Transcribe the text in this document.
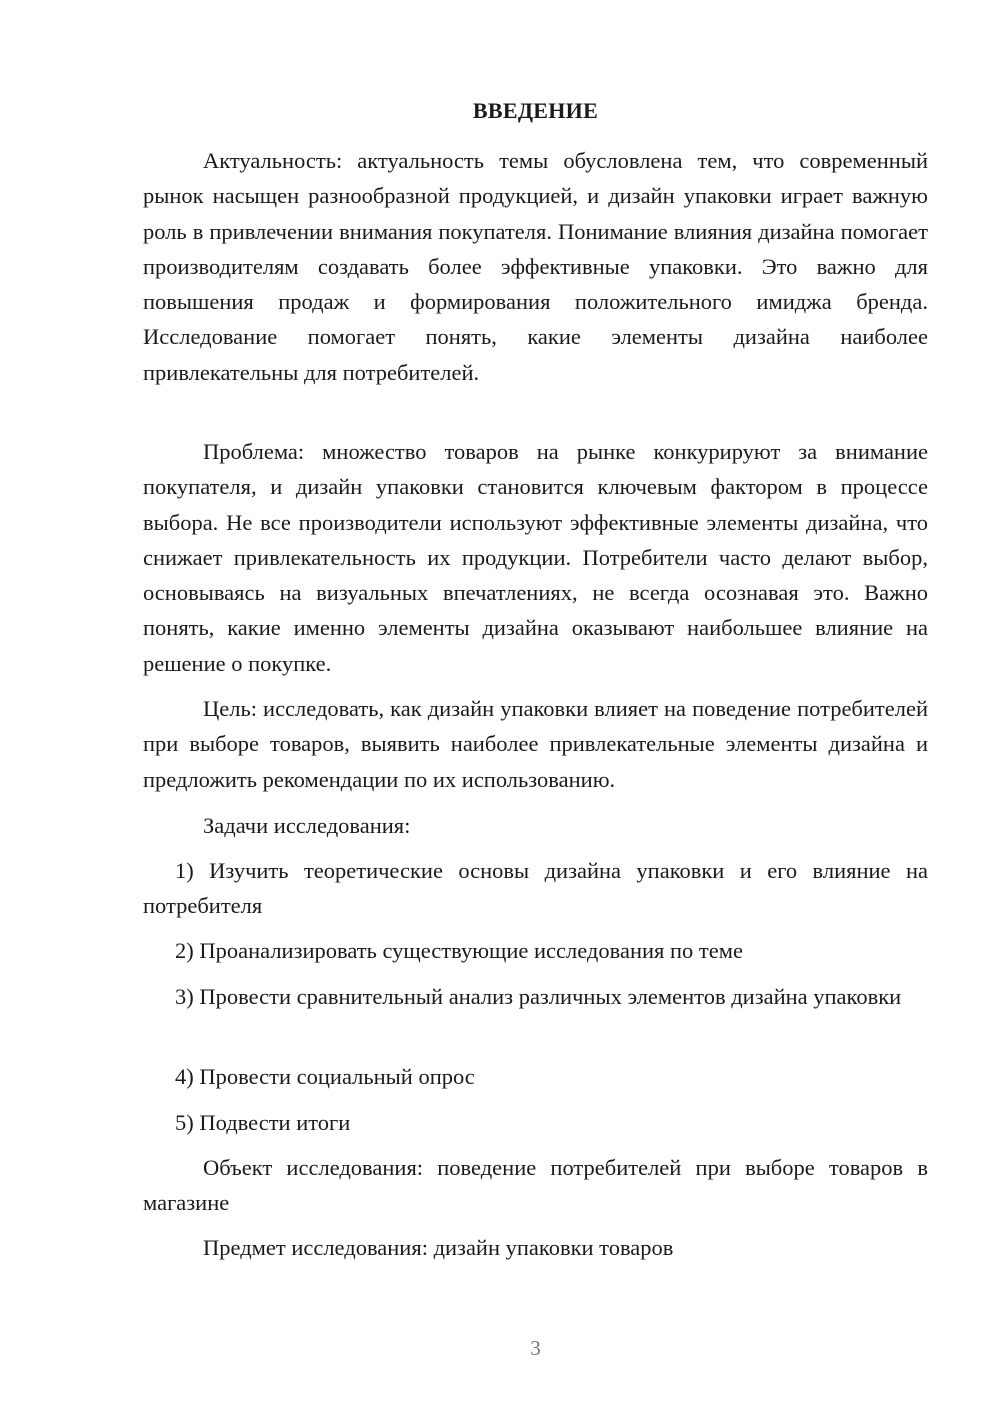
ВВЕДЕНИЕ

Актуальность: актуальность темы обусловлена тем, что современный рынок насыщен разнообразной продукцией, и дизайн упаковки играет важную роль в привлечении внимания покупателя. Понимание влияния дизайна помогает производителям создавать более эффективные упаковки. Это важно для повышения продаж и формирования положительного имиджа бренда. Исследование помогает понять, какие элементы дизайна наиболее привлекательны для потребителей.

Проблема: множество товаров на рынке конкурируют за внимание покупателя, и дизайн упаковки становится ключевым фактором в процессе выбора. Не все производители используют эффективные элементы дизайна, что снижает привлекательность их продукции. Потребители часто делают выбор, основываясь на визуальных впечатлениях, не всегда осознавая это. Важно понять, какие именно элементы дизайна оказывают наибольшее влияние на решение о покупке.

Цель: исследовать, как дизайн упаковки влияет на поведение потребителей при выборе товаров, выявить наиболее привлекательные элементы дизайна и предложить рекомендации по их использованию.

Задачи исследования:

1) Изучить теоретические основы дизайна упаковки и его влияние на потребителя

2) Проанализировать существующие исследования по теме

3) Провести сравнительный анализ различных элементов дизайна упаковки

4) Провести социальный опрос

5) Подвести итоги

Объект исследования: поведение потребителей при выборе товаров в магазине

Предмет исследования: дизайн упаковки товаров

3
